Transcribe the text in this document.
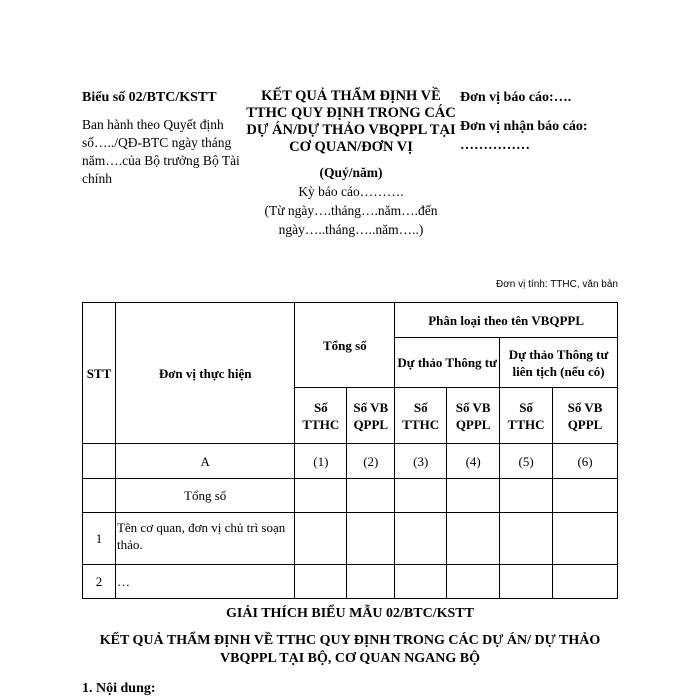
Biểu số 02/BTC/KSTT
Ban hành theo Quyết định số…../QĐ-BTC ngày tháng năm….của Bộ trưởng Bộ Tài chính
KẾT QUẢ THẨM ĐỊNH VỀ TTHC QUY ĐỊNH TRONG CÁC DỰ ÁN/DỰ THẢO VBQPPL TẠI CƠ QUAN/ĐƠN VỊ
(Quý/năm)
Kỳ báo cáo……….
(Từ ngày….tháng….năm….đến ngày…..tháng…..năm…..)
Đơn vị báo cáo:….
Đơn vị nhận báo cáo:
……………
Đơn vị tính: TTHC, văn bản
STT	Đơn vị thực hiện	Tổng số		Phân loại theo tên VBQPPL			
				Dự thảo Thông tư		Dự thảo Thông tư liên tịch (nếu có)	
		Số TTHC	Số VB QPPL	Số TTHC	Số VB QPPL	Số TTHC	Số VB QPPL
	A	(1)	(2)	(3)	(4)	(5)	(6)
	Tổng số						
1	Tên cơ quan, đơn vị chủ trì soạn thảo.						
2	…						
GIẢI THÍCH BIỂU MẪU 02/BTC/KSTT
KẾT QUẢ THẨM ĐỊNH VỀ TTHC QUY ĐỊNH TRONG CÁC DỰ ÁN/ DỰ THẢO VBQPPL TẠI BỘ, CƠ QUAN NGANG BỘ
1. Nội dung:
